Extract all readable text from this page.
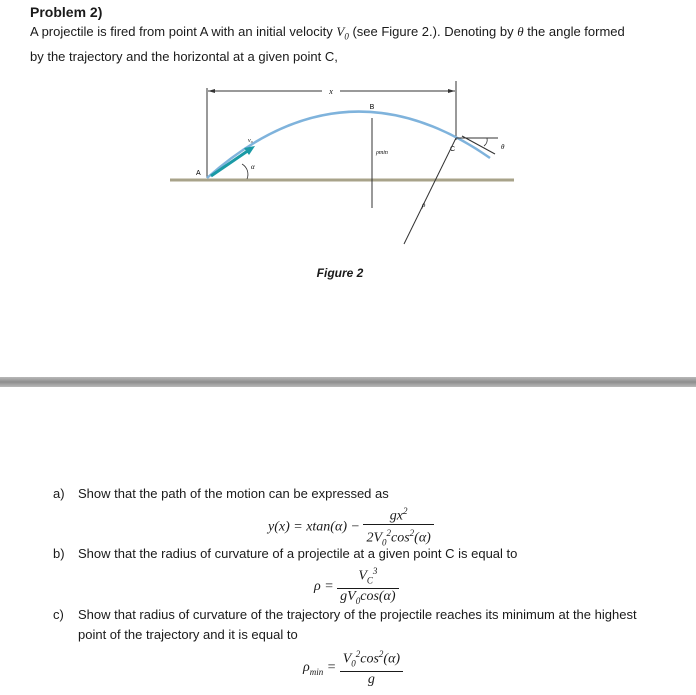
Problem 2)
A projectile is fired from point A with an initial velocity $V_0$ (see Figure 2.). Denoting by θ the angle formed
by the trajectory and the horizontal at a given point C,
x
B
ρmin
A
α
v₀
C	θ
ρ
Figure 2
a) Show that the path of the motion can be expressed as
$y(x) = xtan(\alpha) - \frac{gx^2}{2V_0^2\cos^2(\alpha)}$
b) Show that the radius of curvature of a projectile at a given point C is equal to
$\rho = \frac{V_C^3}{gV_0\cos(\alpha)}$
c) Show that radius of curvature of the trajectory of the projectile reaches its minimum at the highest
point of the trajectory and it is equal to
$\rho_{min} = \frac{V_0^2\cos^2(\alpha)}{g}$
